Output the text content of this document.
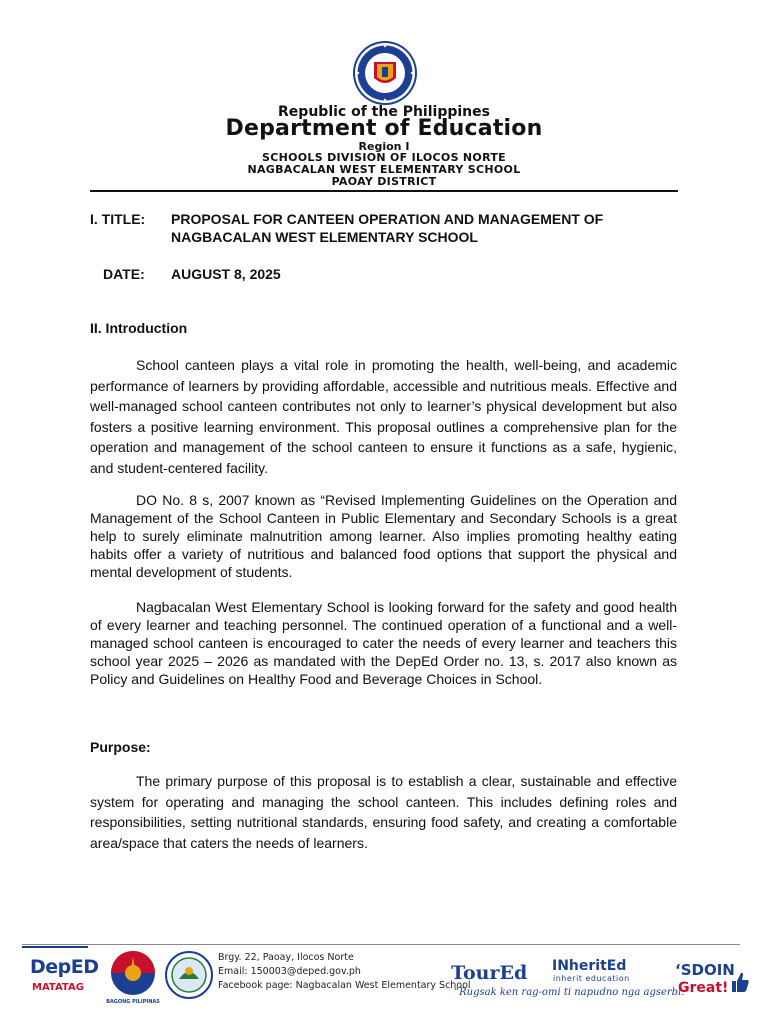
Republic of the Philippines
Department of Education
Region I
SCHOOLS DIVISION OF ILOCOS NORTE
NAGBACALAN WEST ELEMENTARY SCHOOL
PAOAY DISTRICT
I. TITLE: PROPOSAL FOR CANTEEN OPERATION AND MANAGEMENT OF NAGBACALAN WEST ELEMENTARY SCHOOL
DATE: AUGUST 8, 2025
II. Introduction
School canteen plays a vital role in promoting the health, well-being, and academic performance of learners by providing affordable, accessible and nutritious meals. Effective and well-managed school canteen contributes not only to learner’s physical development but also fosters a positive learning environment. This proposal outlines a comprehensive plan for the operation and management of the school canteen to ensure it functions as a safe, hygienic, and student-centered facility.
DO No. 8 s, 2007 known as “Revised Implementing Guidelines on the Operation and Management of the School Canteen in Public Elementary and Secondary Schools is a great help to surely eliminate malnutrition among learner. Also implies promoting healthy eating habits offer a variety of nutritious and balanced food options that support the physical and mental development of students.
Nagbacalan West Elementary School is looking forward for the safety and good health of every learner and teaching personnel. The continued operation of a functional and a well-managed school canteen is encouraged to cater the needs of every learner and teachers this school year 2025 – 2026 as mandated with the DepEd Order no. 13, s. 2017 also known as Policy and Guidelines on Healthy Food and Beverage Choices in School.
Purpose:
The primary purpose of this proposal is to establish a clear, sustainable and effective system for operating and managing the school canteen. This includes defining roles and responsibilities, setting nutritional standards, ensuring food safety, and creating a comfortable area/space that caters the needs of learners.
DepED
MATATAG
BAGONG PILIPINAS
Brgy. 22, Paoay, Ilocos Norte
Email: 150003@deped.gov.ph
Facebook page: Nagbacalan West Elementary School
TourEd INheritEd
inherit education
“Rugsak ken rag-omi ti napudno nga agserbi.”
‘SDOIN
Great!
